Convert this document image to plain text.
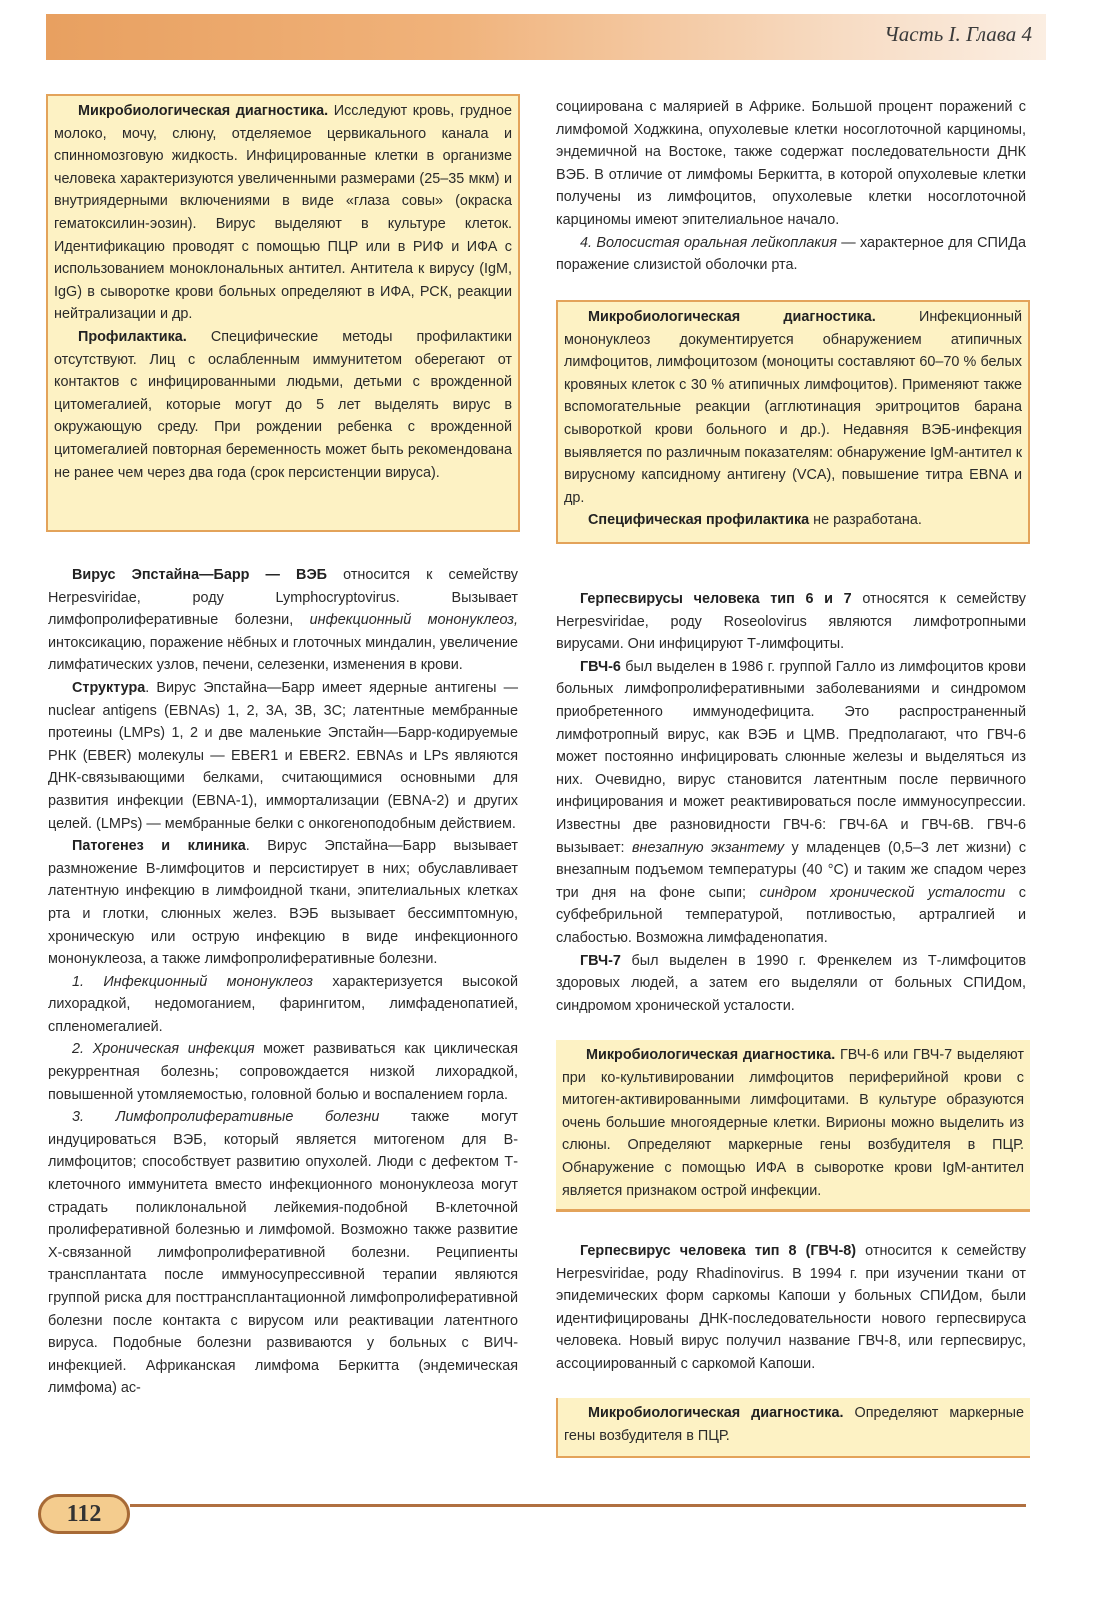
Часть I. Глава 4

Микробиологическая диагностика. Исследуют кровь, грудное молоко, мочу, слюну, отделяемое цервикального канала и спинномозговую жидкость. Инфицированные клетки в организме человека характеризуются увеличенными размерами (25–35 мкм) и внутриядерными включениями в виде «глаза совы» (окраска гематоксилин-эозин). Вирус выделяют в культуре клеток. Идентификацию проводят с помощью ПЦР или в РИФ и ИФА с использованием моноклональных антител. Антитела к вирусу (IgM, IgG) в сыворотке крови больных определяют в ИФА, РСК, реакции нейтрализации и др.

Профилактика. Специфические методы профилактики отсутствуют. Лиц с ослабленным иммунитетом оберегают от контактов с инфицированными людьми, детьми с врожденной цитомегалией, которые могут до 5 лет выделять вирус в окружающую среду. При рождении ребенка с врожденной цитомегалией повторная беременность может быть рекомендована не ранее чем через два года (срок персистенции вируса).

социирована с малярией в Африке. Большой процент поражений с лимфомой Ходжкина, опухолевые клетки носоглоточной карциномы, эндемичной на Востоке, также содержат последовательности ДНК ВЭБ. В отличие от лимфомы Беркитта, в которой опухолевые клетки получены из лимфоцитов, опухолевые клетки носоглоточной карциномы имеют эпителиальное начало.

4. Волосистая оральная лейкоплакия — характерное для СПИДа поражение слизистой оболочки рта.

Микробиологическая диагностика. Инфекционный мононуклеоз документируется обнаружением атипичных лимфоцитов, лимфоцитозом (моноциты составляют 60–70 % белых кровяных клеток с 30 % атипичных лимфоцитов). Применяют также вспомогательные реакции (агглютинация эритроцитов барана сывороткой крови больного и др.). Недавняя ВЭБ-инфекция выявляется по различным показателям: обнаружение IgM-антител к вирусному капсидному антигену (VCA), повышение титра EBNA и др.

Специфическая профилактика не разработана.

Вирус Эпстайна—Барр — ВЭБ относится к семейству Herpesviridae, роду Lymphocryptovirus. Вызывает лимфопролиферативные болезни, инфекционный мононуклеоз, интоксикацию, поражение нёбных и глоточных миндалин, увеличение лимфатических узлов, печени, селезенки, изменения в крови.

Структура. Вирус Эпстайна—Барр имеет ядерные антигены — nuclear antigens (EBNAs) 1, 2, 3A, 3B, 3C; латентные мембранные протеины (LMPs) 1, 2 и две маленькие Эпстайн—Барр-кодируемые РНК (EBER) молекулы — EBER1 и EBER2. EBNAs и LPs являются ДНК-связывающими белками, считающимися основными для развития инфекции (EBNA-1), иммортализации (EBNA-2) и других целей. (LMPs) — мембранные белки с онкогеноподобным действием.

Патогенез и клиника. Вирус Эпстайна—Барр вызывает размножение В-лимфоцитов и персистирует в них; обуславливает латентную инфекцию в лимфоидной ткани, эпителиальных клетках рта и глотки, слюнных желез. ВЭБ вызывает бессимптомную, хроническую или острую инфекцию в виде инфекционного мононуклеоза, а также лимфопролиферативные болезни.

1. Инфекционный мононуклеоз характеризуется высокой лихорадкой, недомоганием, фарингитом, лимфаденопатией, спленомегалией.

2. Хроническая инфекция может развиваться как циклическая рекуррентная болезнь; сопровождается низкой лихорадкой, повышенной утомляемостью, головной болью и воспалением горла.

3. Лимфопролиферативные болезни также могут индуцироваться ВЭБ, который является митогеном для В-лимфоцитов; способствует развитию опухолей. Люди с дефектом Т-клеточного иммунитета вместо инфекционного мононуклеоза могут страдать поликлональной лейкемия-подобной В-клеточной пролиферативной болезнью и лимфомой. Возможно также развитие Х-связанной лимфопролиферативной болезни. Реципиенты трансплантата после иммуносупрессивной терапии являются группой риска для посттрансплантационной лимфопролиферативной болезни после контакта с вирусом или реактивации латентного вируса. Подобные болезни развиваются у больных с ВИЧ-инфекцией. Африканская лимфома Беркитта (эндемическая лимфома) ас-

Герпесвирусы человека тип 6 и 7 относятся к семейству Herpesviridae, роду Roseolovirus являются лимфотропными вирусами. Они инфицируют Т-лимфоциты.

ГВЧ-6 был выделен в 1986 г. группой Галло из лимфоцитов крови больных лимфопролиферативными заболеваниями и синдромом приобретенного иммунодефицита. Это распространенный лимфотропный вирус, как ВЭБ и ЦМВ. Предполагают, что ГВЧ-6 может постоянно инфицировать слюнные железы и выделяться из них. Очевидно, вирус становится латентным после первичного инфицирования и может реактивироваться после иммуносупрессии. Известны две разновидности ГВЧ-6: ГВЧ-6А и ГВЧ-6В. ГВЧ-6 вызывает: внезапную экзантему у младенцев (0,5–3 лет жизни) с внезапным подъемом температуры (40 °C) и таким же спадом через три дня на фоне сыпи; синдром хронической усталости с субфебрильной температурой, потливостью, артралгией и слабостью. Возможна лимфаденопатия.

ГВЧ-7 был выделен в 1990 г. Френкелем из Т-лимфоцитов здоровых людей, а затем его выделяли от больных СПИДом, синдромом хронической усталости.

Микробиологическая диагностика. ГВЧ-6 или ГВЧ-7 выделяют при ко-культивировании лимфоцитов периферийной крови с митоген-активированными лимфоцитами. В культуре образуются очень большие многоядерные клетки. Вирионы можно выделить из слюны. Определяют маркерные гены возбудителя в ПЦР. Обнаружение с помощью ИФА в сыворотке крови IgM-антител является признаком острой инфекции.

Герпесвирус человека тип 8 (ГВЧ-8) относится к семейству Herpesviridae, роду Rhadinovirus. В 1994 г. при изучении ткани от эпидемических форм саркомы Капоши у больных СПИДом, были идентифицированы ДНК-последовательности нового герпесвируса человека. Новый вирус получил название ГВЧ-8, или герпесвирус, ассоциированный с саркомой Капоши.

Микробиологическая диагностика. Определяют маркерные гены возбудителя в ПЦР.

112
